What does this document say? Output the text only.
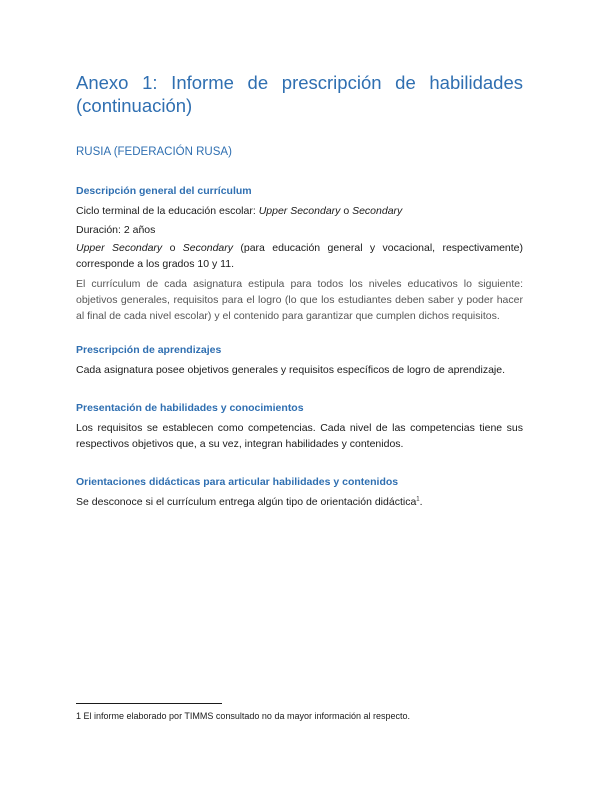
Anexo 1: Informe de prescripción de habilidades
(continuación)
RUSIA (FEDERACIÓN RUSA)
Descripción general del currículum

Ciclo terminal de la educación escolar: Upper Secondary o Secondary

Duración: 2 años

Upper Secondary o Secondary (para educación general y vocacional, respectivamente) corresponde a los grados 10 y 11.

El currículum de cada asignatura estipula para todos los niveles educativos lo siguiente: objetivos generales, requisitos para el logro (lo que los estudiantes deben saber y poder hacer al final de cada nivel escolar) y el contenido para garantizar que cumplen dichos requisitos.

Prescripción de aprendizajes

Cada asignatura posee objetivos generales y requisitos específicos de logro de aprendizaje.

Presentación de habilidades y conocimientos

Los requisitos se establecen como competencias. Cada nivel de las competencias tiene sus respectivos objetivos que, a su vez, integran habilidades y contenidos.

Orientaciones didácticas para articular habilidades y contenidos

Se desconoce si el currículum entrega algún tipo de orientación didáctica$^1$.

1 El informe elaborado por TIMMS consultado no da mayor información al respecto.
